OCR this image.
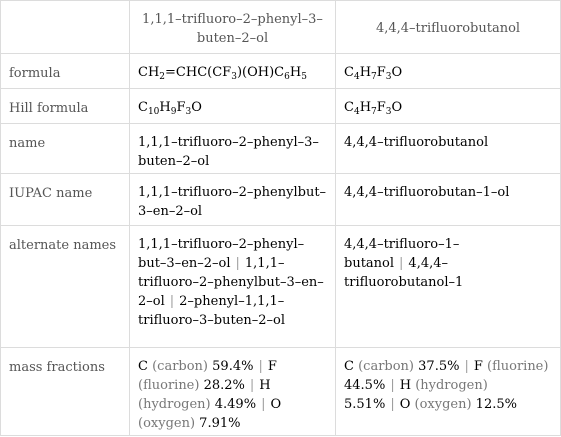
	1,1,1–trifluoro–2–phenyl–3–buten–2–ol	4,4,4–trifluorobutanol
formula	$CH_2=CHC(CF_3)(OH)C_6H_5$	$C_4H_7F_3O$
Hill formula	$C_{10}H_9F_3O$	$C_4H_7F_3O$
name	1,1,1–trifluoro–2–phenyl–3–buten–2–ol	4,4,4–trifluorobutanol
IUPAC name	1,1,1–trifluoro–2–phenylbut–3–en–2–ol	4,4,4–trifluorobutan–1–ol
alternate names	1,1,1–trifluoro–2–phenyl–but–3–en–2–ol | 1,1,1–trifluoro–2–phenylbut–3–en–2–ol | 2–phenyl–1,1,1–trifluoro–3–buten–2–ol	4,4,4–trifluoro–1–butanol | 4,4,4–trifluorobutanol–1
mass fractions	C (carbon) 59.4% | F (fluorine) 28.2% | H (hydrogen) 4.49% | O (oxygen) 7.91%	C (carbon) 37.5% | F (fluorine) 44.5% | H (hydrogen) 5.51% | O (oxygen) 12.5%
